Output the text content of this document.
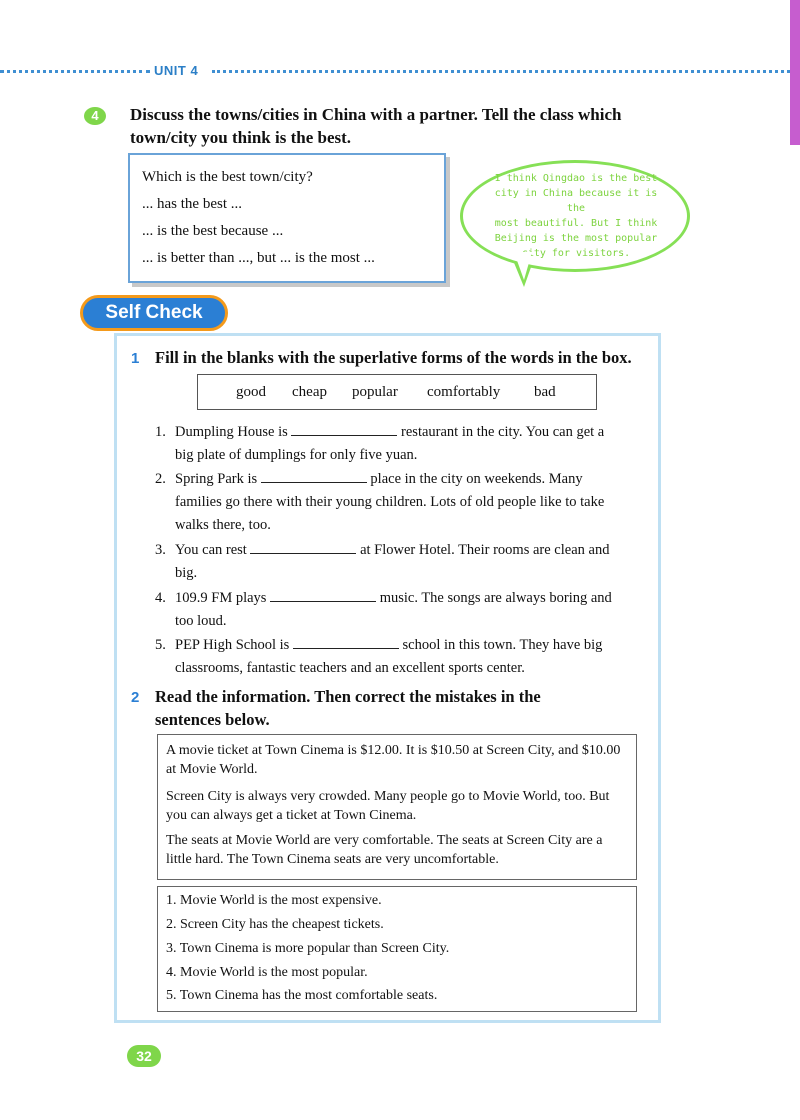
UNIT 4
4	Discuss the towns/cities in China with a partner. Tell the class which
town/city you think is the best.
Which is the best town/city?
... has the best ...
... is the best because ...
... is better than ..., but ... is the most ...
I think Qingdao is the best
city in China because it is the
most beautiful. But I think
Beijing is the most popular
city for visitors.
Self Check
1 Fill in the blanks with the superlative forms of the words in the box.
good cheap popular comfortably bad
1. Dumpling House is	restaurant in the city. You can get a
big plate of dumplings for only five yuan.
2. Spring Park is	place in the city on weekends. Many
families go there with their young children. Lots of old people like to take
walks there, too.
3. You can rest	at Flower Hotel. Their rooms are clean and
big.
4. 109.9 FM plays	music. The songs are always boring and
too loud.
5. PEP High School is	school in this town. They have big
classrooms, fantastic teachers and an excellent sports center.
2 Read the information. Then correct the mistakes in the
sentences below.
A movie ticket at Town Cinema is $12.00. It is $10.50 at Screen City, and $10.00 at Movie World.
Screen City is always very crowded. Many people go to Movie World, too. But you can always get a ticket at Town Cinema.
The seats at Movie World are very comfortable. The seats at Screen City are a little hard. The Town Cinema seats are very uncomfortable.
1. Movie World is the most expensive.
2. Screen City has the cheapest tickets.
3. Town Cinema is more popular than Screen City.
4. Movie World is the most popular.
5. Town Cinema has the most comfortable seats.
32
